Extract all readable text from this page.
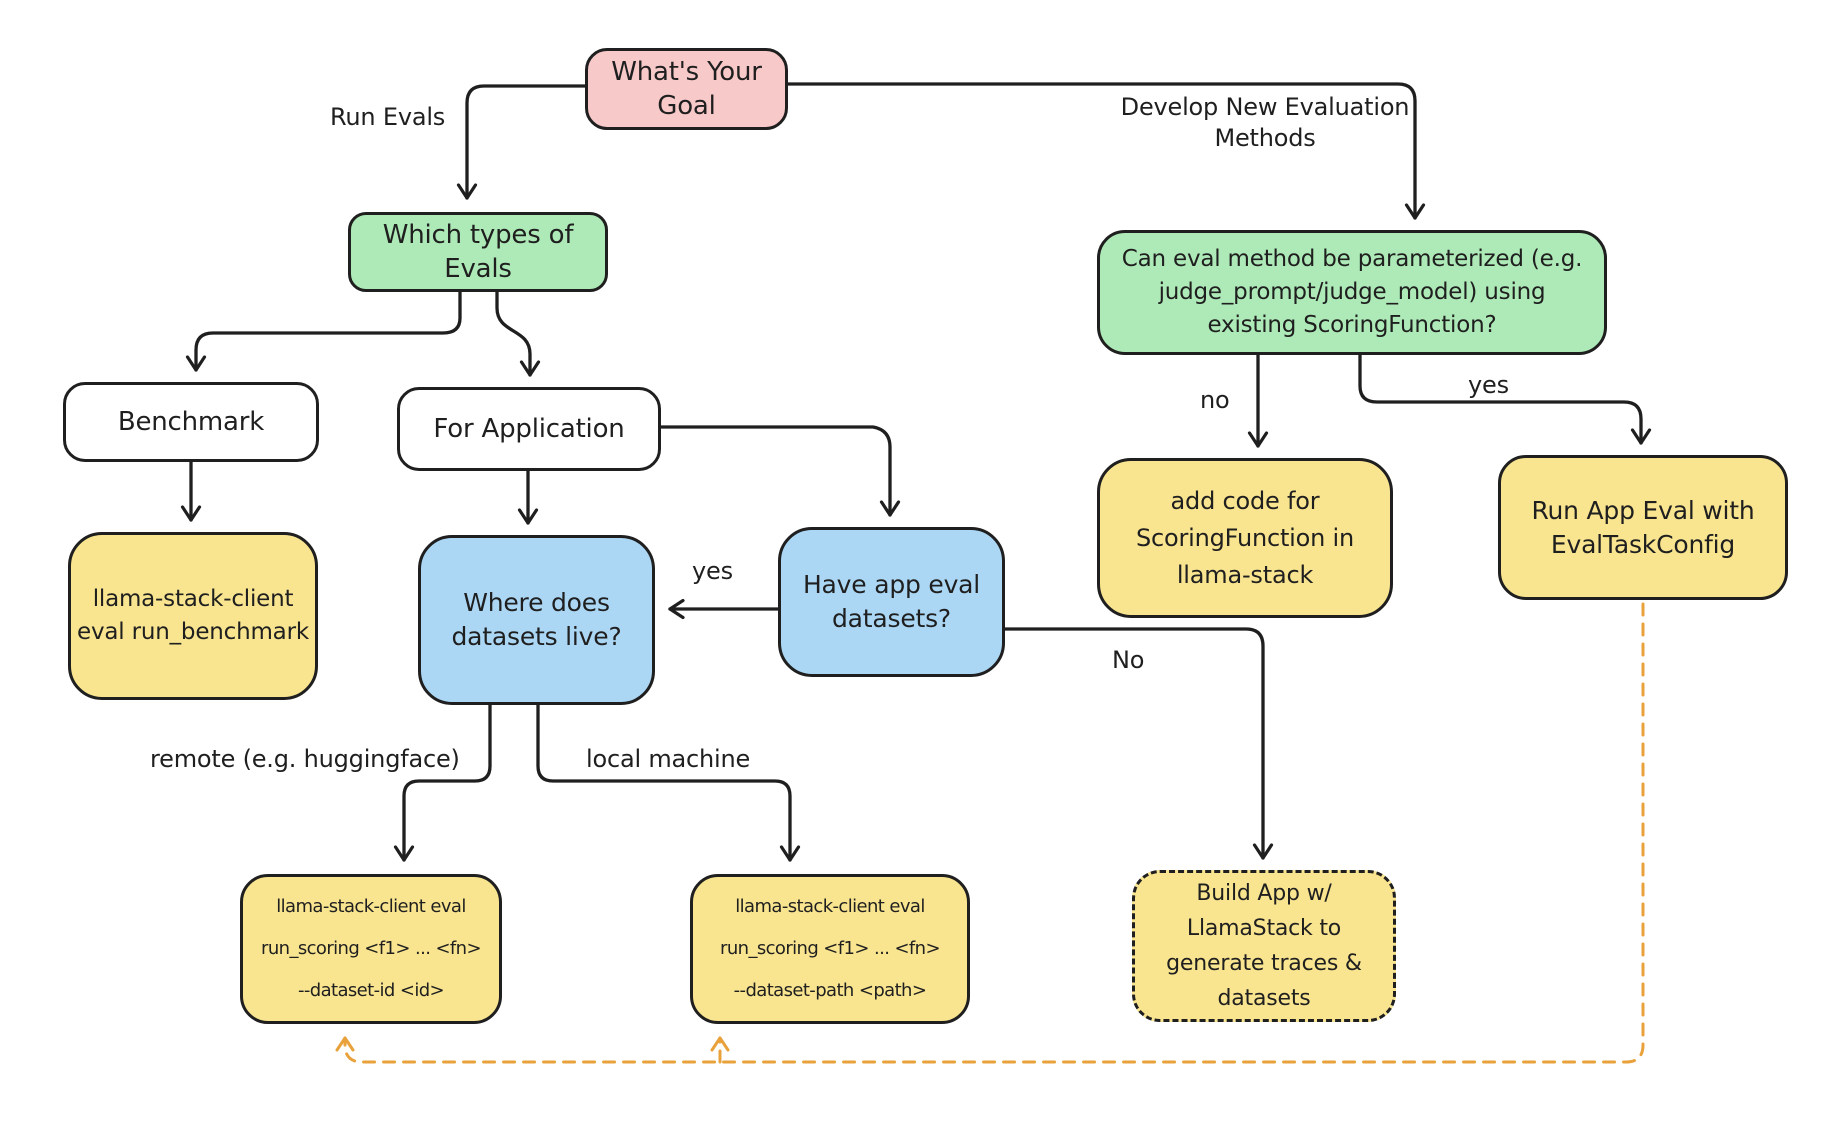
What's Your
Goal
Which types of
Evals	Can eval method be parameterized (e.g.
judge_prompt/judge_model) using
existing ScoringFunction?
Benchmark	For Application
llama-stack-client
eval run_benchmark
Where does
datasets live?
Have app eval
datasets?
add code for
ScoringFunction in
llama-stack
Run App Eval with
EvalTaskConfig
llama-stack-client eval
run_scoring <f1> ... <fn>
--dataset-id <id>
llama-stack-client eval
run_scoring <f1> ... <fn>
--dataset-path <path>
Build App w/
LlamaStack to
generate traces &
datasets
Run Evals	Develop New Evaluation
Methods
no
yes
yes
No
remote (e.g. huggingface)	local machine
